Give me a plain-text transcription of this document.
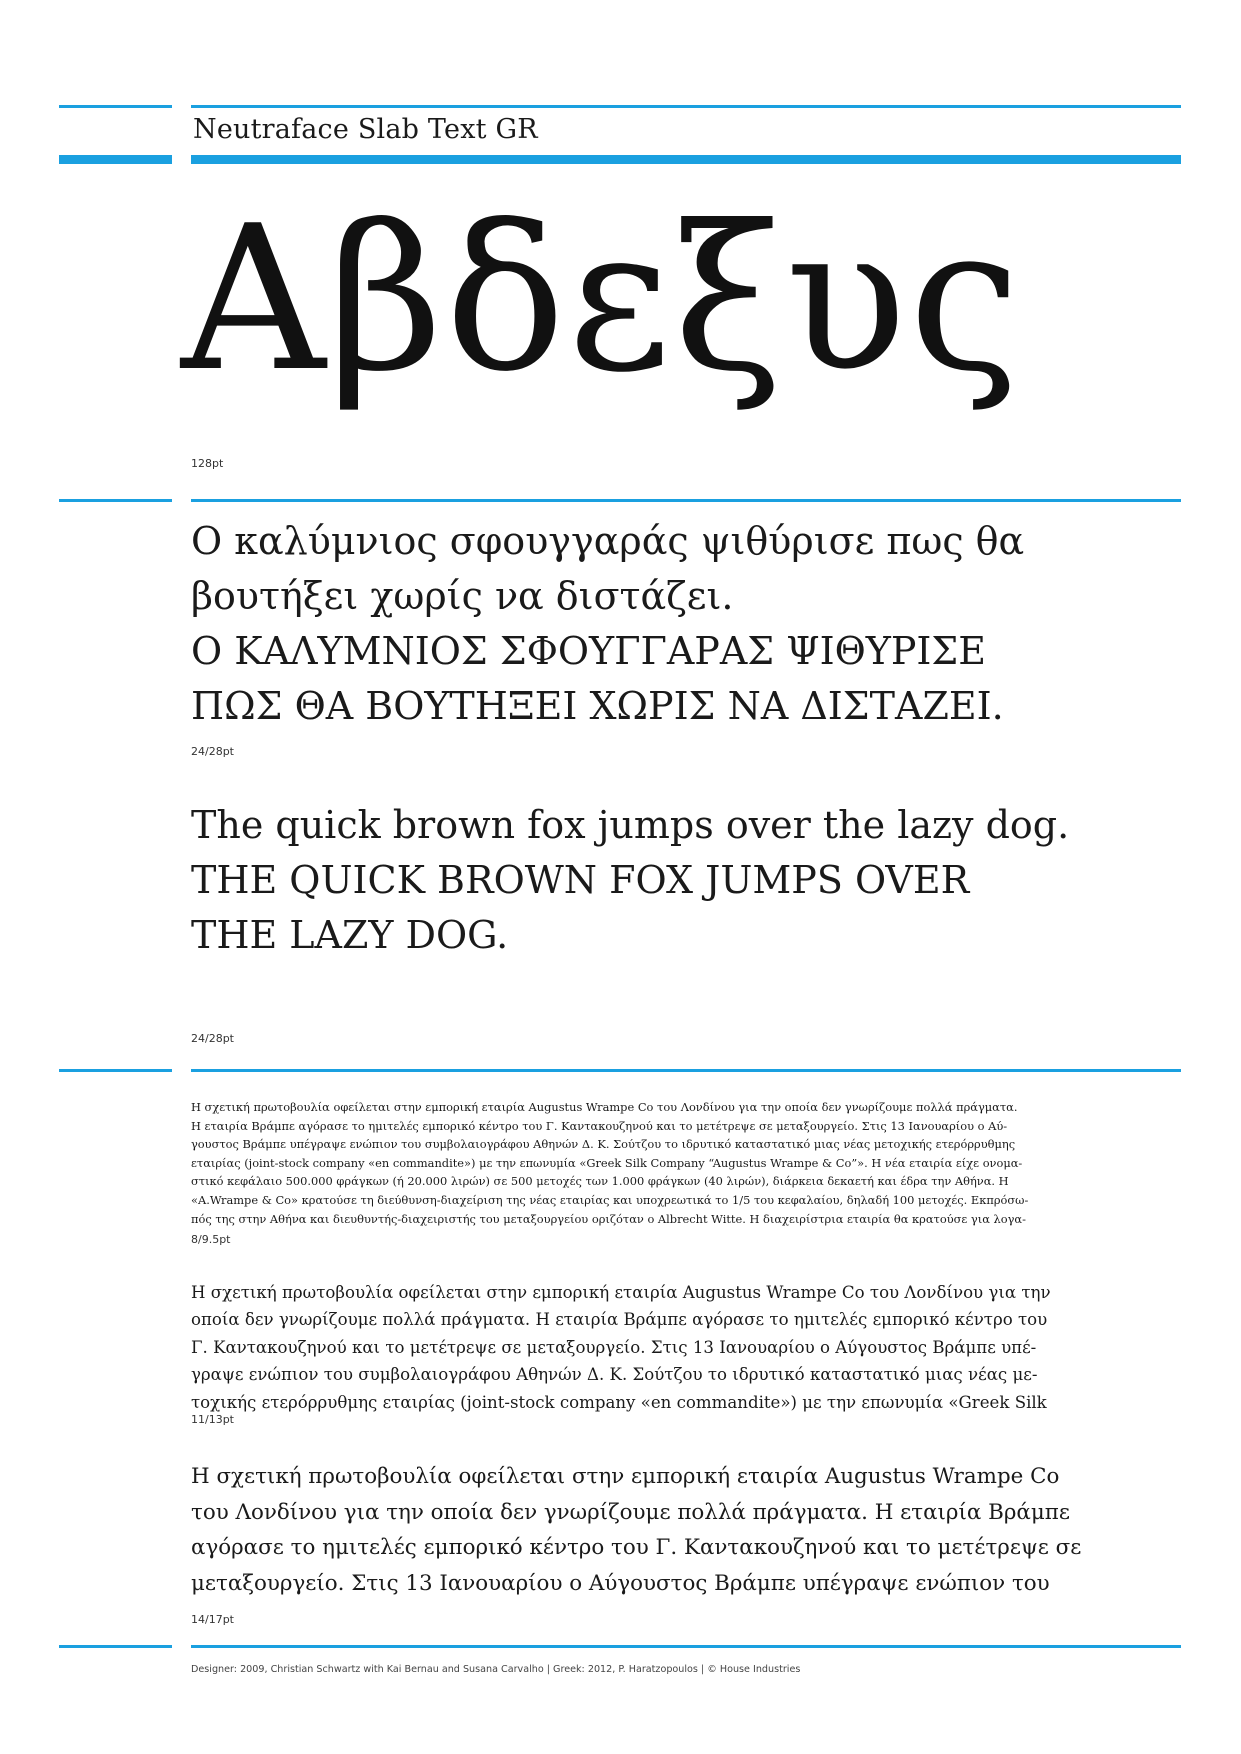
Neutraface Slab Text GR
Αβδεξυς
128pt
Ο καλύμνιος σφουγγαράς ψιθύρισε πως θα
βουτήξει χωρίς να διστάζει.
Ο ΚΑΛΥΜΝΙΟΣ ΣΦΟΥΓΓΑΡΑΣ ΨΙΘΥΡΙΣΕ
ΠΩΣ ΘΑ ΒΟΥΤΗΞΕΙ ΧΩΡΙΣ ΝΑ ΔΙΣΤΑΖΕΙ.
24/28pt
The quick brown fox jumps over the lazy dog.
THE QUICK BROWN FOX JUMPS OVER
THE LAZY DOG.
24/28pt
Η σχετική πρωτοβουλία οφείλεται στην εμπορική εταιρία Augustus Wrampe Co του Λονδίνου για την οποία δεν γνωρίζουμε πολλά πράγματα.
Η εταιρία Βράμπε αγόρασε το ημιτελές εμπορικό κέντρο του Γ. Καντακουζηνού και το μετέτρεψε σε μεταξουργείο. Στις 13 Ιανουαρίου ο Αύ-
γουστος Βράμπε υπέγραψε ενώπιον του συμβολαιογράφου Αθηνών Δ. Κ. Σούτζου το ιδρυτικό καταστατικό μιας νέας μετοχικής ετερόρρυθμης
εταιρίας (joint-stock company «en commandite») με την επωνυμία «Greek Silk Company “Augustus Wrampe & Co”». Η νέα εταιρία είχε ονομα-
στικό κεφάλαιο 500.000 φράγκων (ή 20.000 λιρών) σε 500 μετοχές των 1.000 φράγκων (40 λιρών), διάρκεια δεκαετή και έδρα την Αθήνα. Η
«A.Wrampe & Co» κρατούσε τη διεύθυνση-διαχείριση της νέας εταιρίας και υποχρεωτικά το 1/5 του κεφαλαίου, δηλαδή 100 μετοχές. Εκπρόσω-
πός της στην Αθήνα και διευθυντής-διαχειριστής του μεταξουργείου οριζόταν ο Albrecht Witte. Η διαχειρίστρια εταιρία θα κρατούσε για λογα-
8/9.5pt
Η σχετική πρωτοβουλία οφείλεται στην εμπορική εταιρία Augustus Wrampe Co του Λονδίνου για την
οποία δεν γνωρίζουμε πολλά πράγματα. Η εταιρία Βράμπε αγόρασε το ημιτελές εμπορικό κέντρο του
Γ. Καντακουζηνού και το μετέτρεψε σε μεταξουργείο. Στις 13 Ιανουαρίου ο Αύγουστος Βράμπε υπέ-
γραψε ενώπιον του συμβολαιογράφου Αθηνών Δ. Κ. Σούτζου το ιδρυτικό καταστατικό μιας νέας με-
τοχικής ετερόρρυθμης εταιρίας (joint-stock company «en commandite») με την επωνυμία «Greek Silk
11/13pt
Η σχετική πρωτοβουλία οφείλεται στην εμπορική εταιρία Augustus Wrampe Co
του Λονδίνου για την οποία δεν γνωρίζουμε πολλά πράγματα. Η εταιρία Βράμπε
αγόρασε το ημιτελές εμπορικό κέντρο του Γ. Καντακουζηνού και το μετέτρεψε σε
μεταξουργείο. Στις 13 Ιανουαρίου ο Αύγουστος Βράμπε υπέγραψε ενώπιον του
14/17pt
Designer: 2009, Christian Schwartz with Kai Bernau and Susana Carvalho | Greek: 2012, P. Haratzopoulos | © House Industries
